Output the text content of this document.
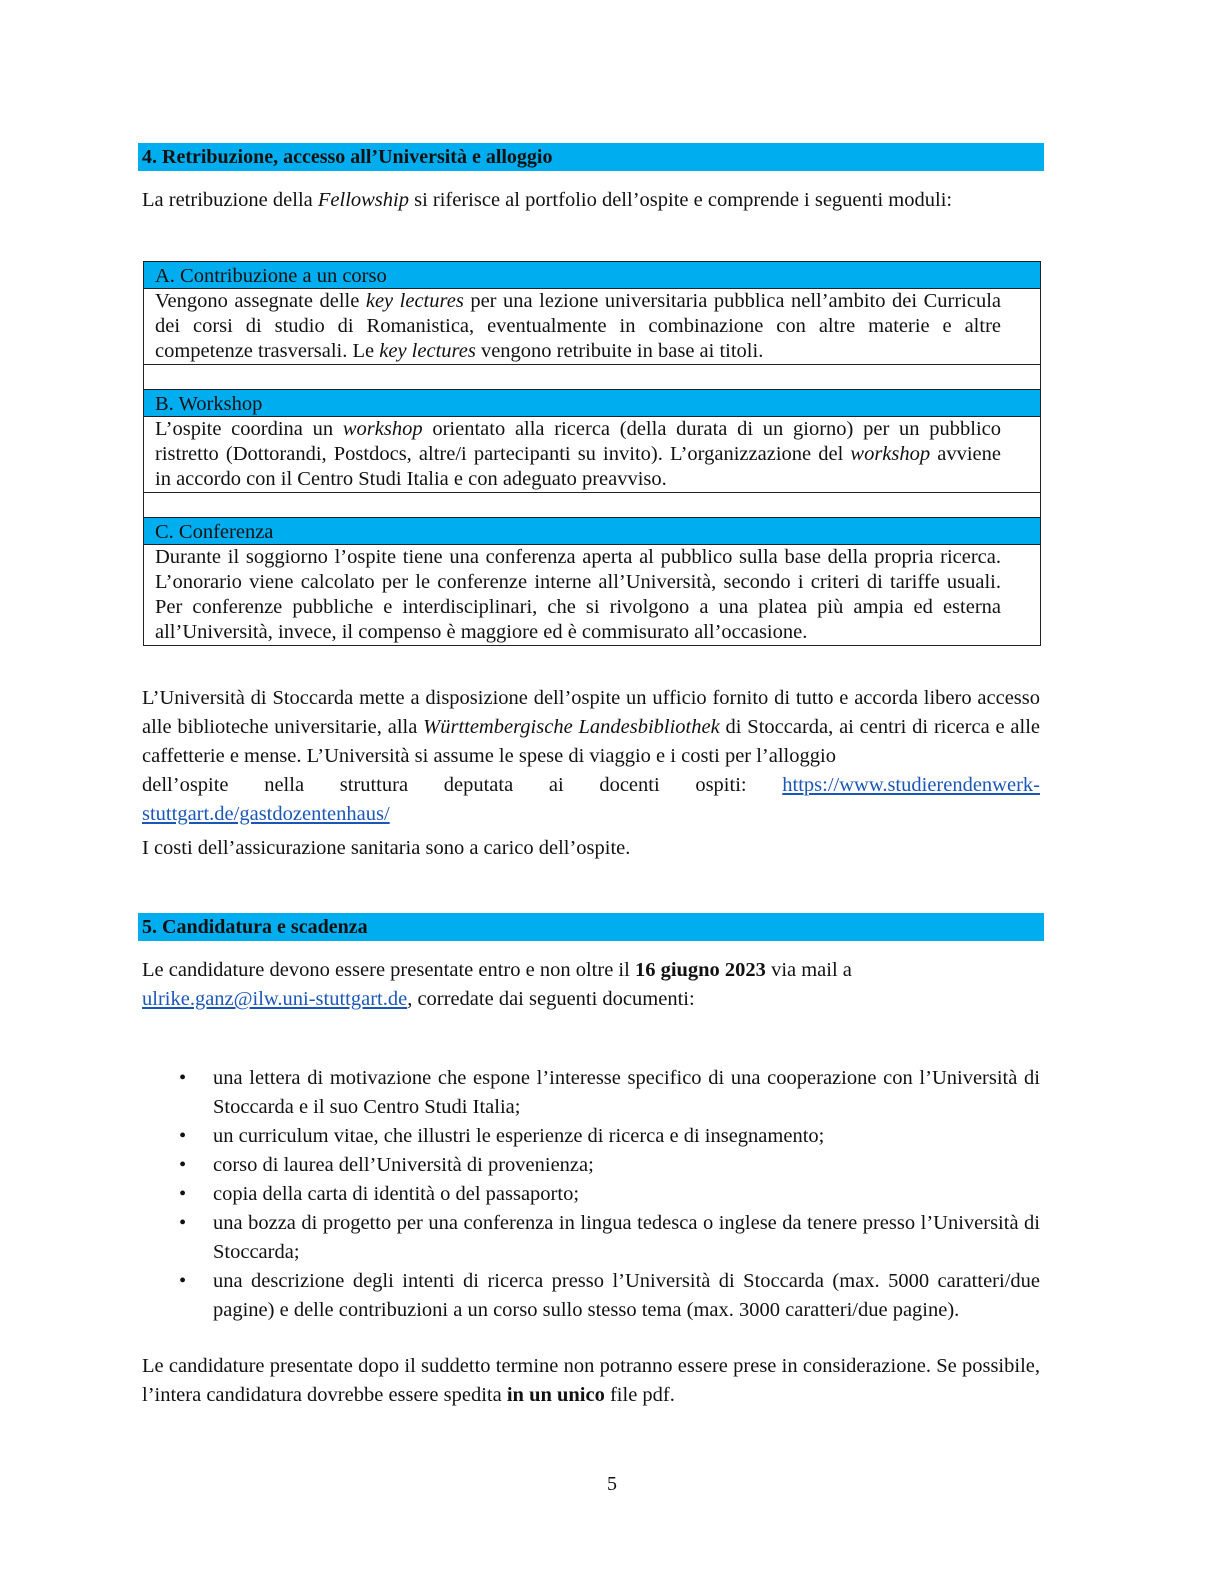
4. Retribuzione, accesso all’Università e alloggio
La retribuzione della Fellowship si riferisce al portfolio dell’ospite e comprende i seguenti moduli:
A. Contribuzione a un corso
Vengono assegnate delle key lectures per una lezione universitaria pubblica nell’ambito dei Curricula dei corsi di studio di Romanistica, eventualmente in combinazione con altre materie e altre competenze trasversali. Le key lectures vengono retribuite in base ai titoli.
B. Workshop
L’ospite coordina un workshop orientato alla ricerca (della durata di un giorno) per un pubblico ristretto (Dottorandi, Postdocs, altre/i partecipanti su invito). L’organizzazione del workshop avviene in accordo con il Centro Studi Italia e con adeguato preavviso.
C. Conferenza
Durante il soggiorno l’ospite tiene una conferenza aperta al pubblico sulla base della propria ricerca. L’onorario viene calcolato per le conferenze interne all’Università, secondo i criteri di tariffe usuali. Per conferenze pubbliche e interdisciplinari, che si rivolgono a una platea più ampia ed esterna all’Università, invece, il compenso è maggiore ed è commisurato all’occasione.
L’Università di Stoccarda mette a disposizione dell’ospite un ufficio fornito di tutto e accorda libero accesso alle biblioteche universitarie, alla Württembergische Landesbibliothek di Stoccarda, ai centri di ricerca e alle caffetterie e mense. L’Università si assume le spese di viaggio e i costi per l’alloggio
dell’ospite nella struttura deputata ai docenti ospiti: https://www.studierendenwerk-
stuttgart.de/gastdozentenhaus/
I costi dell’assicurazione sanitaria sono a carico dell’ospite.
5. Candidatura e scadenza
Le candidature devono essere presentate entro e non oltre il 16 giugno 2023 via mail a
ulrike.ganz@ilw.uni-stuttgart.de, corredate dai seguenti documenti:
• una lettera di motivazione che espone l’interesse specifico di una cooperazione con l’Università di Stoccarda e il suo Centro Studi Italia;
• un curriculum vitae, che illustri le esperienze di ricerca e di insegnamento;
• corso di laurea dell’Università di provenienza;
• copia della carta di identità o del passaporto;
• una bozza di progetto per una conferenza in lingua tedesca o inglese da tenere presso l’Università di Stoccarda;
• una descrizione degli intenti di ricerca presso l’Università di Stoccarda (max. 5000 caratteri/due pagine) e delle contribuzioni a un corso sullo stesso tema (max. 3000 caratteri/due pagine).
Le candidature presentate dopo il suddetto termine non potranno essere prese in considerazione. Se possibile, l’intera candidatura dovrebbe essere spedita in un unico file pdf.
5
